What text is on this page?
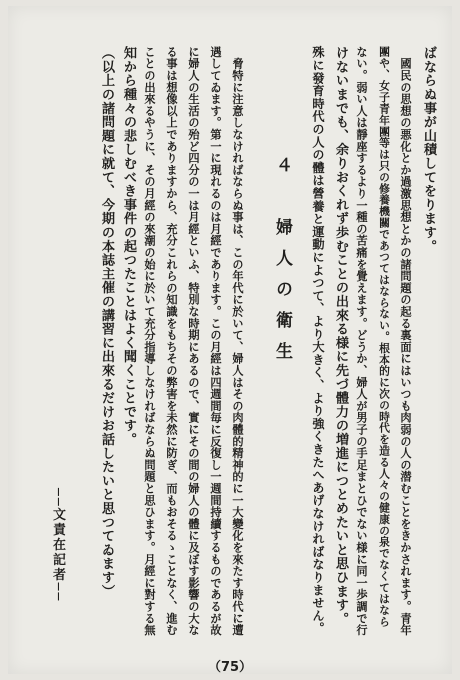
ばならぬ事が山積してをります。
　國民の思想の悪化とか過激思想とかの諸問題の起る裏面にはいつも肉弱の人の潜むことをきかされます。青年
團や、女子青年團等は只の修養機關であつてはならない。根本的に次の時代を造る人々の健康の泉でなくてはなら
ない。弱い人は靜座するより一種の苦痛を覺えます。どうか、婦人が男子の手足まとひでない様に同一歩調で行
けないまでも、余りおくれず歩むことの出來る様に先づ體力の増進につとめたいと思ひます。
殊に發育時代の人の體は營養と運動によつて、より大きく、より強くきたへあげなければなりません。
４　婦人の衛生
　脅特に注意しなければならぬ事は、この年代に於いて、婦人はその肉體的精神的に一大變化を來たす時代に遭
遇してゐます。第一に現れるのは月經であります。この月經は四週間毎に反復し一週間持續するものであるが故
に婦人の生活の殆ど四分の一は月經といふ、特別な時期にあるので、實にその間の婦人の體に及ぼす影響の大な
る事は想像以上でありますから、充分これらの知識をもちその弊害を未然に防ぎ、而もおそるゝことなく、進む
ことの出來るやうに、その月經の來潮の始に於いて充分指導しなければならぬ問題と思ひます。月經に對する無
知から種々の悲しむべき事件の起つたことはよく聞くことです。
（以上の諸問題に就て、今期の本誌主催の講習に出來るだけお話したいと思つてゐます）
──文責在記者──
（75）
